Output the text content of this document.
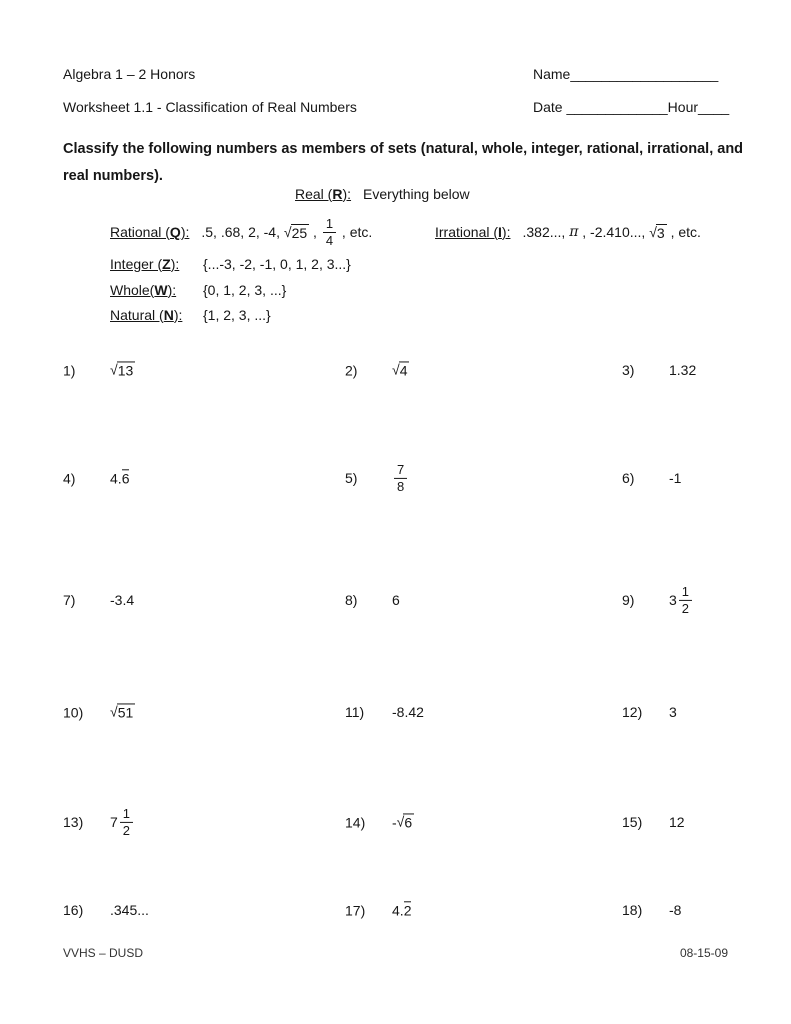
Algebra 1 – 2 Honors
Worksheet 1.1 - Classification of Real Numbers
Name___________________
Date _____________Hour____
Classify the following numbers as members of sets (natural, whole, integer, rational, irrational, and real numbers).
Real (R): Everything below
Rational (Q): .5, .68, 2, -4, √ 25 , $\frac{1}{4}$ , etc.	Irrational (I): .382..., π , -2.410..., √ 3 , etc.
Integer (Z):	{...-3, -2, -1, 0, 1, 2, 3...}
Whole(W):	{0, 1, 2, 3, ...}
Natural (N):	{1, 2, 3, ...}
1)	√ 13	2)	√ 4	3)	1.32
4)	4. 6	5)	$\frac{7}{8}$	6)	-1
7)	-3.4	8)	6	9)	$3 \frac{1}{2}$
10)	√ 51	11)	-8.42	12)	3
13)	$7 \frac{1}{2}$	14)	- √ 6	15)	12
16)	.345...	17)	4. 2	18)	-8
VVHS – DUSD	08-15-09
